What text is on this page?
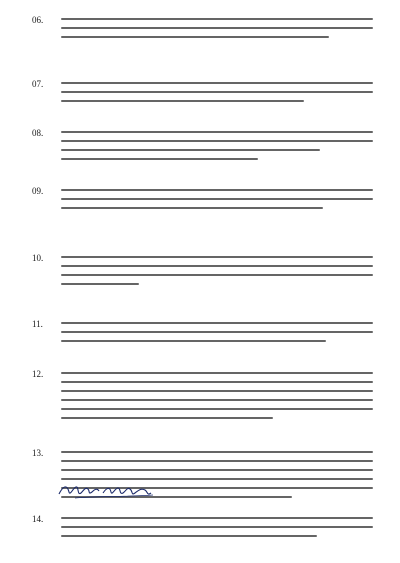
06.
07.
08.
09.
10.
11.
12.
13.
14.
